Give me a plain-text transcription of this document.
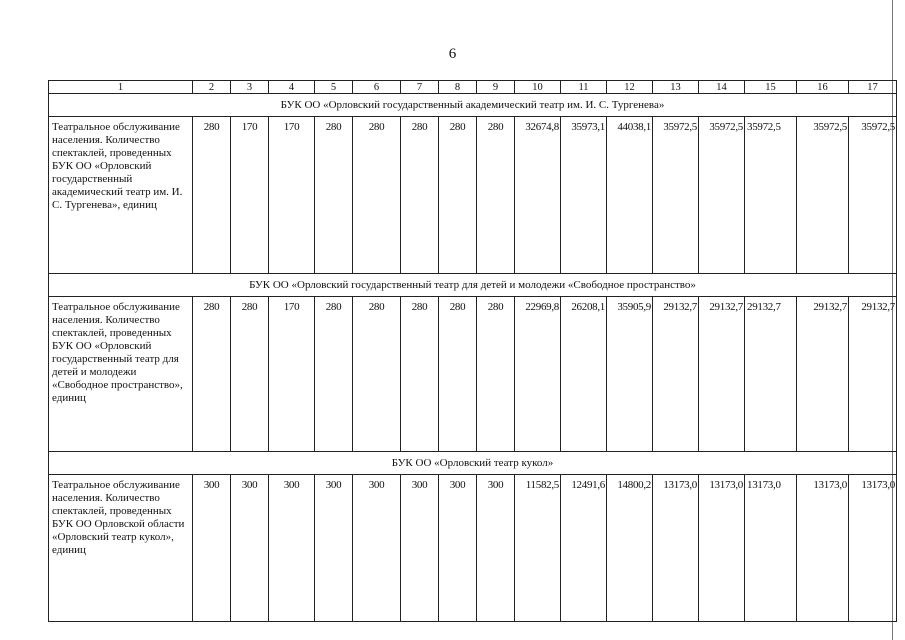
6
1	2	3	4	5	6	7	8	9	10	11	12	13	14	15	16	17
БУК ОО «Орловский государственный академический театр им. И. С. Тургенева»																
Театральное обслуживание населения. Количество спектаклей, проведенных БУК ОО «Орловский государственный академический театр им. И. С. Тургенева», единиц	280	170	170	280	280	280	280	280	32674,8	35973,1	44038,1	35972,5	35972,5	35972,5	35972,5	35972,5
БУК ОО «Орловский государственный театр для детей и молодежи «Свободное пространство»																
Театральное обслуживание населения. Количество спектаклей, проведенных БУК ОО «Орловский государственный театр для детей и молодежи «Свободное пространство», единиц	280	280	170	280	280	280	280	280	22969,8	26208,1	35905,9	29132,7	29132,7	29132,7	29132,7	29132,7
БУК ОО «Орловский театр кукол»																
Театральное обслуживание населения. Количество спектаклей, проведенных БУК ОО Орловской области «Орловский театр кукол», единиц	300	300	300	300	300	300	300	300	11582,5	12491,6	14800,2	13173,0	13173,0	13173,0	13173,0	13173,0
